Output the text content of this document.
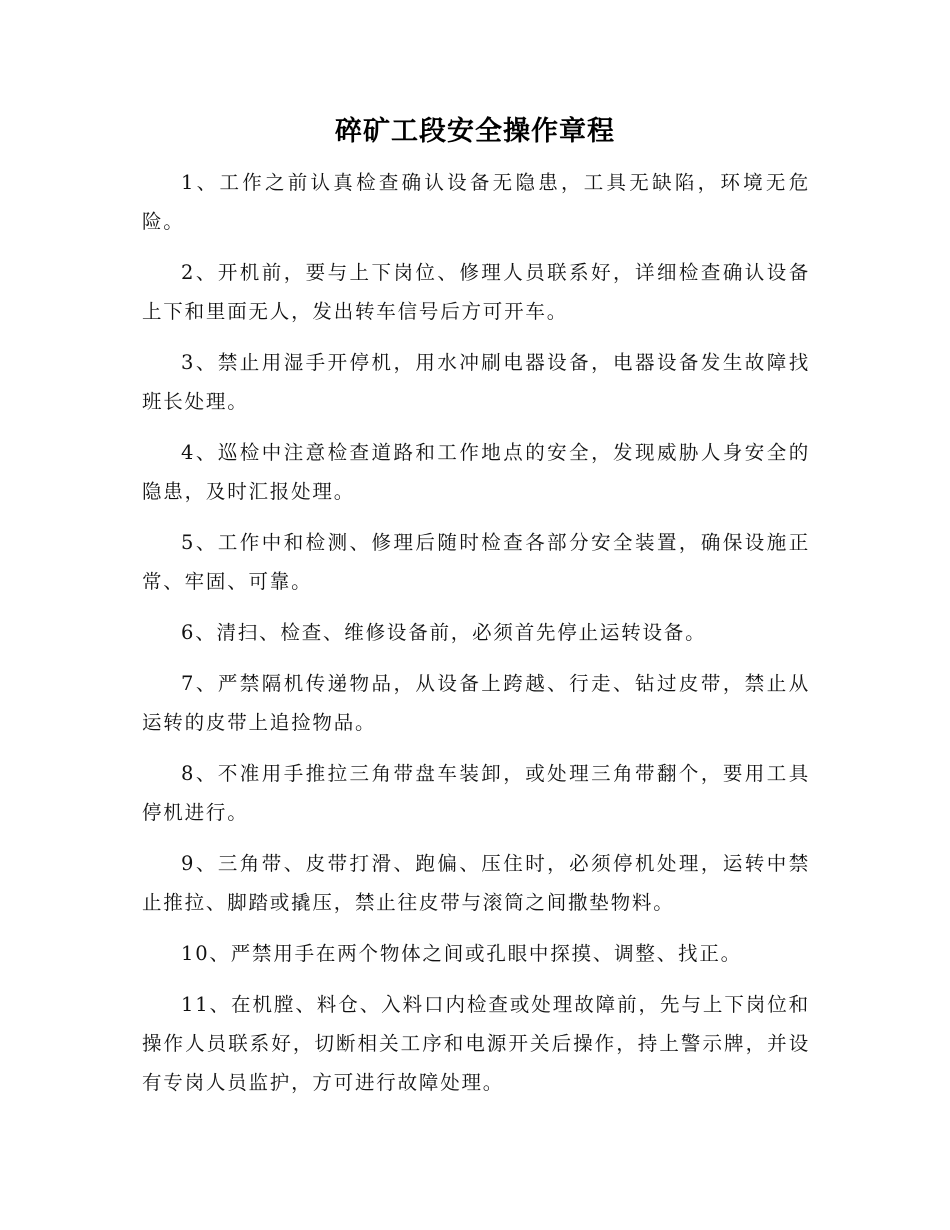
碎矿工段安全操作章程

1、工作之前认真检查确认设备无隐患，工具无缺陷，环境无危险。

2、开机前，要与上下岗位、修理人员联系好，详细检查确认设备上下和里面无人，发出转车信号后方可开车。

3、禁止用湿手开停机，用水冲刷电器设备，电器设备发生故障找班长处理。

4、巡检中注意检查道路和工作地点的安全，发现威胁人身安全的隐患，及时汇报处理。

5、工作中和检测、修理后随时检查各部分安全装置，确保设施正常、牢固、可靠。

6、清扫、检查、维修设备前，必须首先停止运转设备。

7、严禁隔机传递物品，从设备上跨越、行走、钻过皮带，禁止从运转的皮带上追捡物品。

8、不准用手推拉三角带盘车装卸，或处理三角带翻个，要用工具停机进行。

9、三角带、皮带打滑、跑偏、压住时，必须停机处理，运转中禁止推拉、脚踏或撬压，禁止往皮带与滚筒之间撒垫物料。

10、严禁用手在两个物体之间或孔眼中探摸、调整、找正。

11、在机膛、料仓、入料口内检查或处理故障前，先与上下岗位和操作人员联系好，切断相关工序和电源开关后操作，持上警示牌，并设有专岗人员监护，方可进行故障处理。
